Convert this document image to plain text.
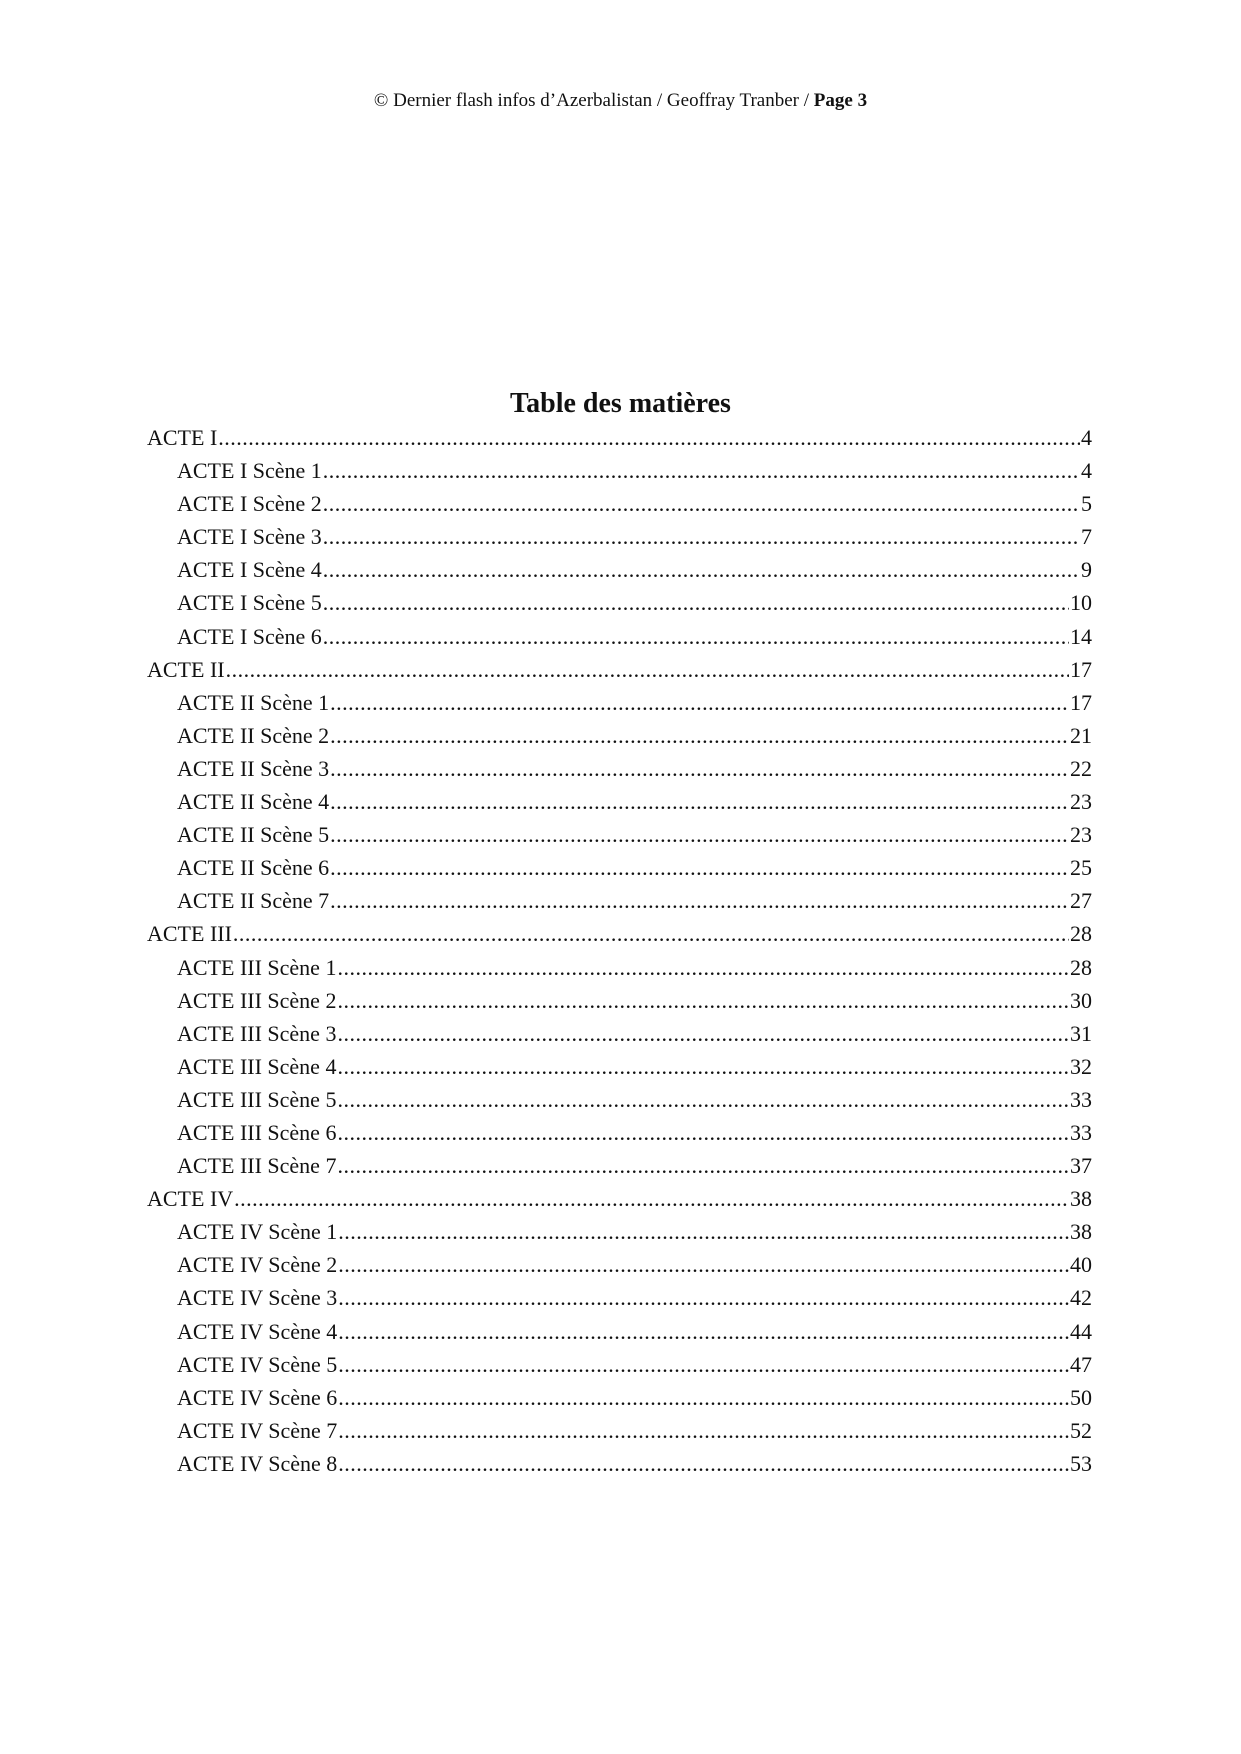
© Dernier flash infos d’Azerbalistan / Geoffray Tranber / Page 3
Table des matières
ACTE I .....	4
ACTE I Scène 1 .....	4
ACTE I Scène 2 .....	5
ACTE I Scène 3 .....	7
ACTE I Scène 4 .....	9
ACTE I Scène 5 .....	10
ACTE I Scène 6 .....	14
ACTE II .....	17
ACTE II Scène 1 .....	17
ACTE II Scène 2 .....	21
ACTE II Scène 3 .....	22
ACTE II Scène 4 .....	23
ACTE II Scène 5 .....	23
ACTE II Scène 6 .....	25
ACTE II Scène 7 .....	27
ACTE III .....	28
ACTE III Scène 1 .....	28
ACTE III Scène 2 .....	30
ACTE III Scène 3 .....	31
ACTE III Scène 4 .....	32
ACTE III Scène 5 .....	33
ACTE III Scène 6 .....	33
ACTE III Scène 7 .....	37
ACTE IV .....	38
ACTE IV Scène 1 .....	38
ACTE IV Scène 2 .....	40
ACTE IV Scène 3 .....	42
ACTE IV Scène 4 .....	44
ACTE IV Scène 5 .....	47
ACTE IV Scène 6 .....	50
ACTE IV Scène 7 .....	52
ACTE IV Scène 8 .....	53
